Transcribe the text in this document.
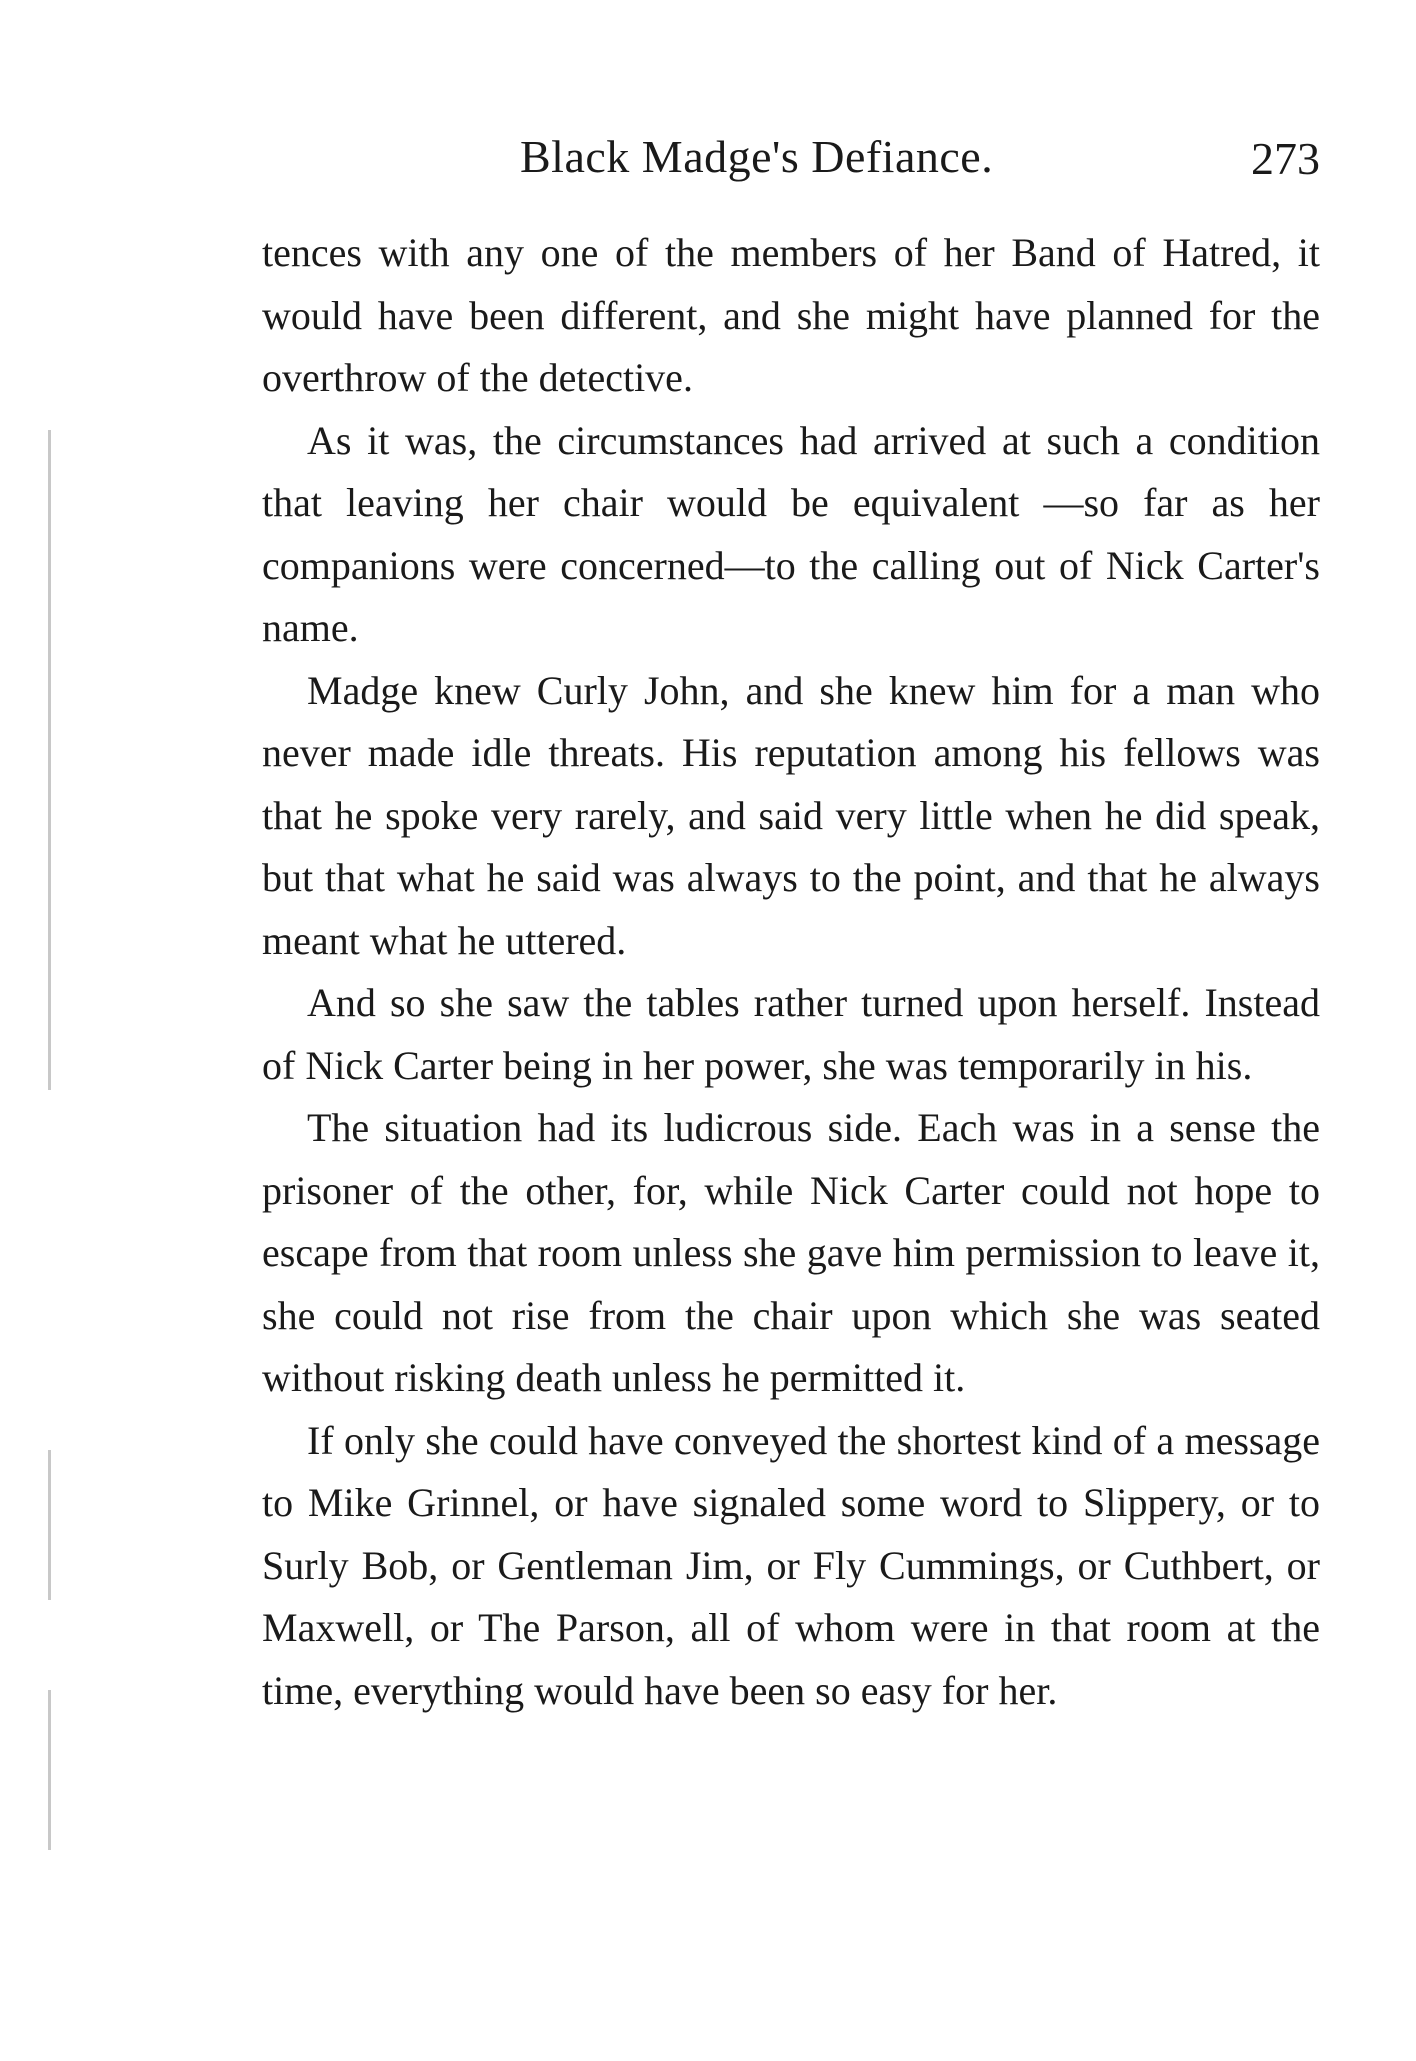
Black Madge's Defiance.	273

tences with any one of the members of her Band of Hatred, it would have been different, and she might have planned for the overthrow of the detective.

As it was, the circumstances had arrived at such a condition that leaving her chair would be equivalent —so far as her companions were concerned—to the calling out of Nick Carter's name.

Madge knew Curly John, and she knew him for a man who never made idle threats. His reputation among his fellows was that he spoke very rarely, and said very little when he did speak, but that what he said was always to the point, and that he always meant what he uttered.

And so she saw the tables rather turned upon herself. Instead of Nick Carter being in her power, she was temporarily in his.

The situation had its ludicrous side. Each was in a sense the prisoner of the other, for, while Nick Carter could not hope to escape from that room unless she gave him permission to leave it, she could not rise from the chair upon which she was seated without risking death unless he permitted it.

If only she could have conveyed the shortest kind of a message to Mike Grinnel, or have signaled some word to Slippery, or to Surly Bob, or Gentleman Jim, or Fly Cummings, or Cuthbert, or Maxwell, or The Parson, all of whom were in that room at the time, everything would have been so easy for her.
